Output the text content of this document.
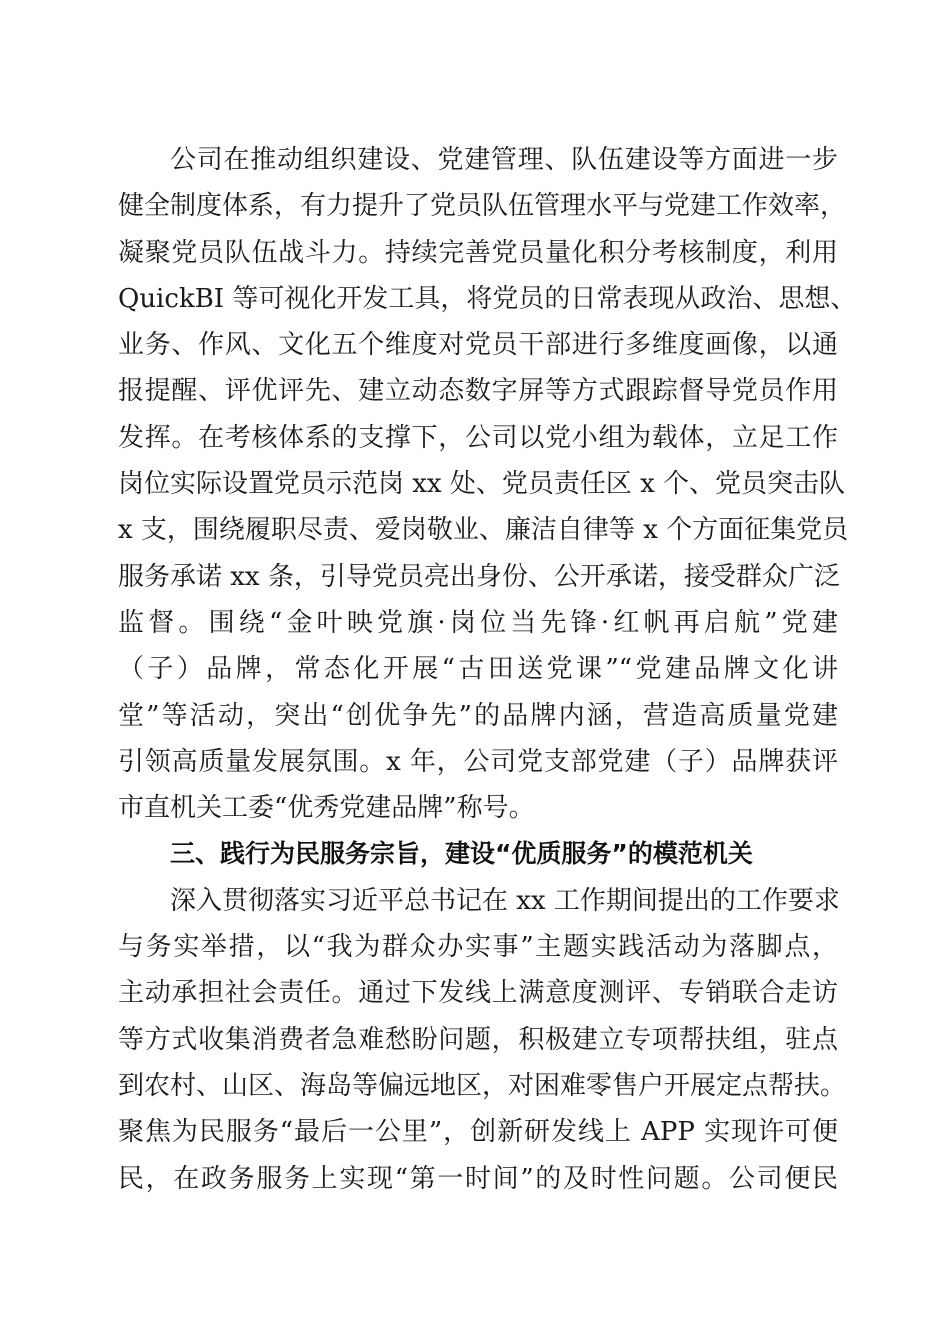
公司在推动组织建设、党建管理、队伍建设等方面进一步
健全制度体系，有力提升了党员队伍管理水平与党建工作效率，
凝聚党员队伍战斗力。持续完善党员量化积分考核制度，利用
QuickBI 等可视化开发工具，将党员的日常表现从政治、思想、
业务、作风、文化五个维度对党员干部进行多维度画像，以通
报提醒、评优评先、建立动态数字屏等方式跟踪督导党员作用
发挥。在考核体系的支撑下，公司以党小组为载体，立足工作
岗位实际设置党员示范岗 xx 处、党员责任区 x 个、党员突击队
x 支，围绕履职尽责、爱岗敬业、廉洁自律等 x 个方面征集党员
服务承诺 xx 条，引导党员亮出身份、公开承诺，接受群众广泛
监督。围绕“金叶映党旗·岗位当先锋·红帆再启航”党建
（子）品牌，常态化开展“古田送党课”“党建品牌文化讲
堂”等活动，突出“创优争先”的品牌内涵，营造高质量党建
引领高质量发展氛围。x 年，公司党支部党建（子）品牌获评
市直机关工委“优秀党建品牌”称号。
三、践行为民服务宗旨，建设“优质服务”的模范机关
深入贯彻落实习近平总书记在 xx 工作期间提出的工作要求
与务实举措，以“我为群众办实事”主题实践活动为落脚点，
主动承担社会责任。通过下发线上满意度测评、专销联合走访
等方式收集消费者急难愁盼问题，积极建立专项帮扶组，驻点
到农村、山区、海岛等偏远地区，对困难零售户开展定点帮扶。
聚焦为民服务“最后一公里”，创新研发线上 APP 实现许可便
民，在政务服务上实现“第一时间”的及时性问题。公司便民
